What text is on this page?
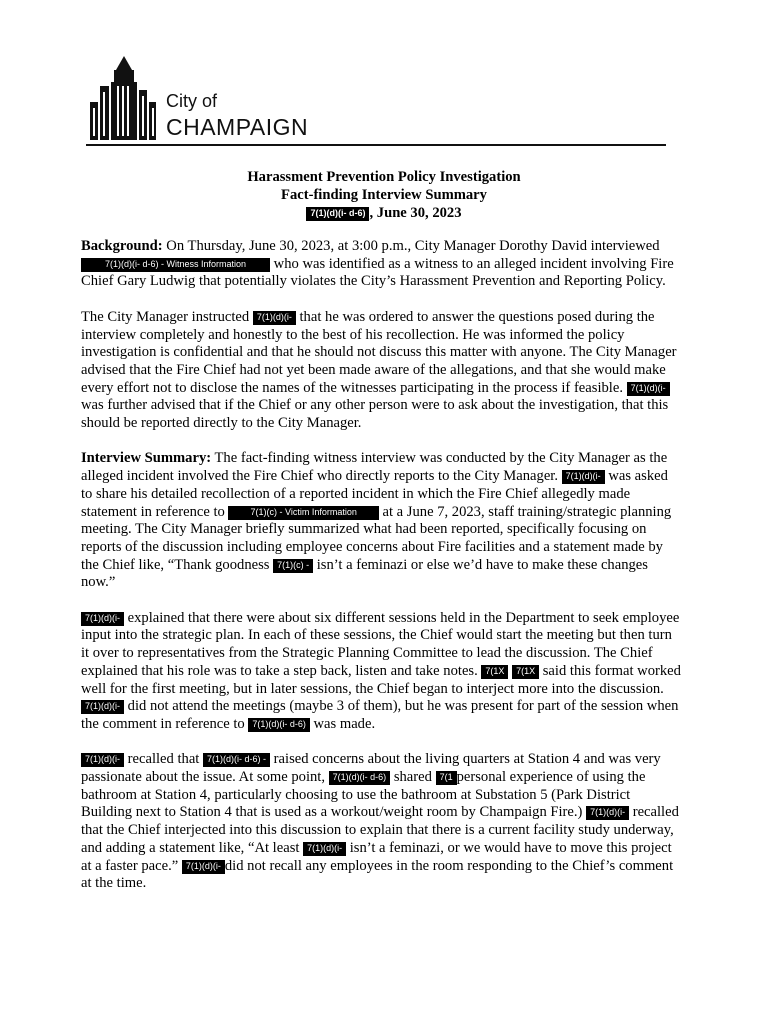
City of
CHAMPAIGN
Harassment Prevention Policy Investigation
Fact-finding Interview Summary
7(1)(d)(i- d-6) , June 30, 2023

Background: On Thursday, June 30, 2023, at 3:00 p.m., City Manager Dorothy David interviewed 7(1)(d)(i- d-6) - Witness Information who was identified as a witness to an alleged incident involving Fire Chief Gary Ludwig that potentially violates the City’s Harassment Prevention and Reporting Policy.

The City Manager instructed 7(1)(d)(i- that he was ordered to answer the questions posed during the interview completely and honestly to the best of his recollection. He was informed the policy investigation is confidential and that he should not discuss this matter with anyone. The City Manager advised that the Fire Chief had not yet been made aware of the allegations, and that she would make every effort not to disclose the names of the witnesses participating in the process if feasible. 7(1)(d)(i- was further advised that if the Chief or any other person were to ask about the investigation, that this should be reported directly to the City Manager.

Interview Summary: The fact-finding witness interview was conducted by the City Manager as the alleged incident involved the Fire Chief who directly reports to the City Manager. 7(1)(d)(i- was asked to share his detailed recollection of a reported incident in which the Fire Chief allegedly made statement in reference to 7(1)(c) - Victim Information at a June 7, 2023, staff training/strategic planning meeting. The City Manager briefly summarized what had been reported, specifically focusing on reports of the discussion including employee concerns about Fire facilities and a statement made by the Chief like, “Thank goodness 7(1)(c) - isn’t a feminazi or else we’d have to make these changes now.”

7(1)(d)(i- explained that there were about six different sessions held in the Department to seek employee input into the strategic plan. In each of these sessions, the Chief would start the meeting but then turn it over to representatives from the Strategic Planning Committee to lead the discussion. The Chief explained that his role was to take a step back, listen and take notes. 7(1X 7(1X said this format worked well for the first meeting, but in later sessions, the Chief began to interject more into the discussion. 7(1)(d)(i- did not attend the meetings (maybe 3 of them), but he was present for part of the session when the comment in reference to 7(1)(d)(i- d-6) was made.

7(1)(d)(i- recalled that 7(1)(d)(i- d-6) - raised concerns about the living quarters at Station 4 and was very passionate about the issue. At some point, 7(1)(d)(i- d-6) shared 7(1 personal experience of using the bathroom at Station 4, particularly choosing to use the bathroom at Substation 5 (Park District Building next to Station 4 that is used as a workout/weight room by Champaign Fire.) 7(1)(d)(i- recalled that the Chief interjected into this discussion to explain that there is a current facility study underway, and adding a statement like, “At least 7(1)(d)(i- isn’t a feminazi, or we would have to move this project at a faster pace.” 7(1)(d)(i- did not recall any employees in the room responding to the Chief’s comment at the time.
